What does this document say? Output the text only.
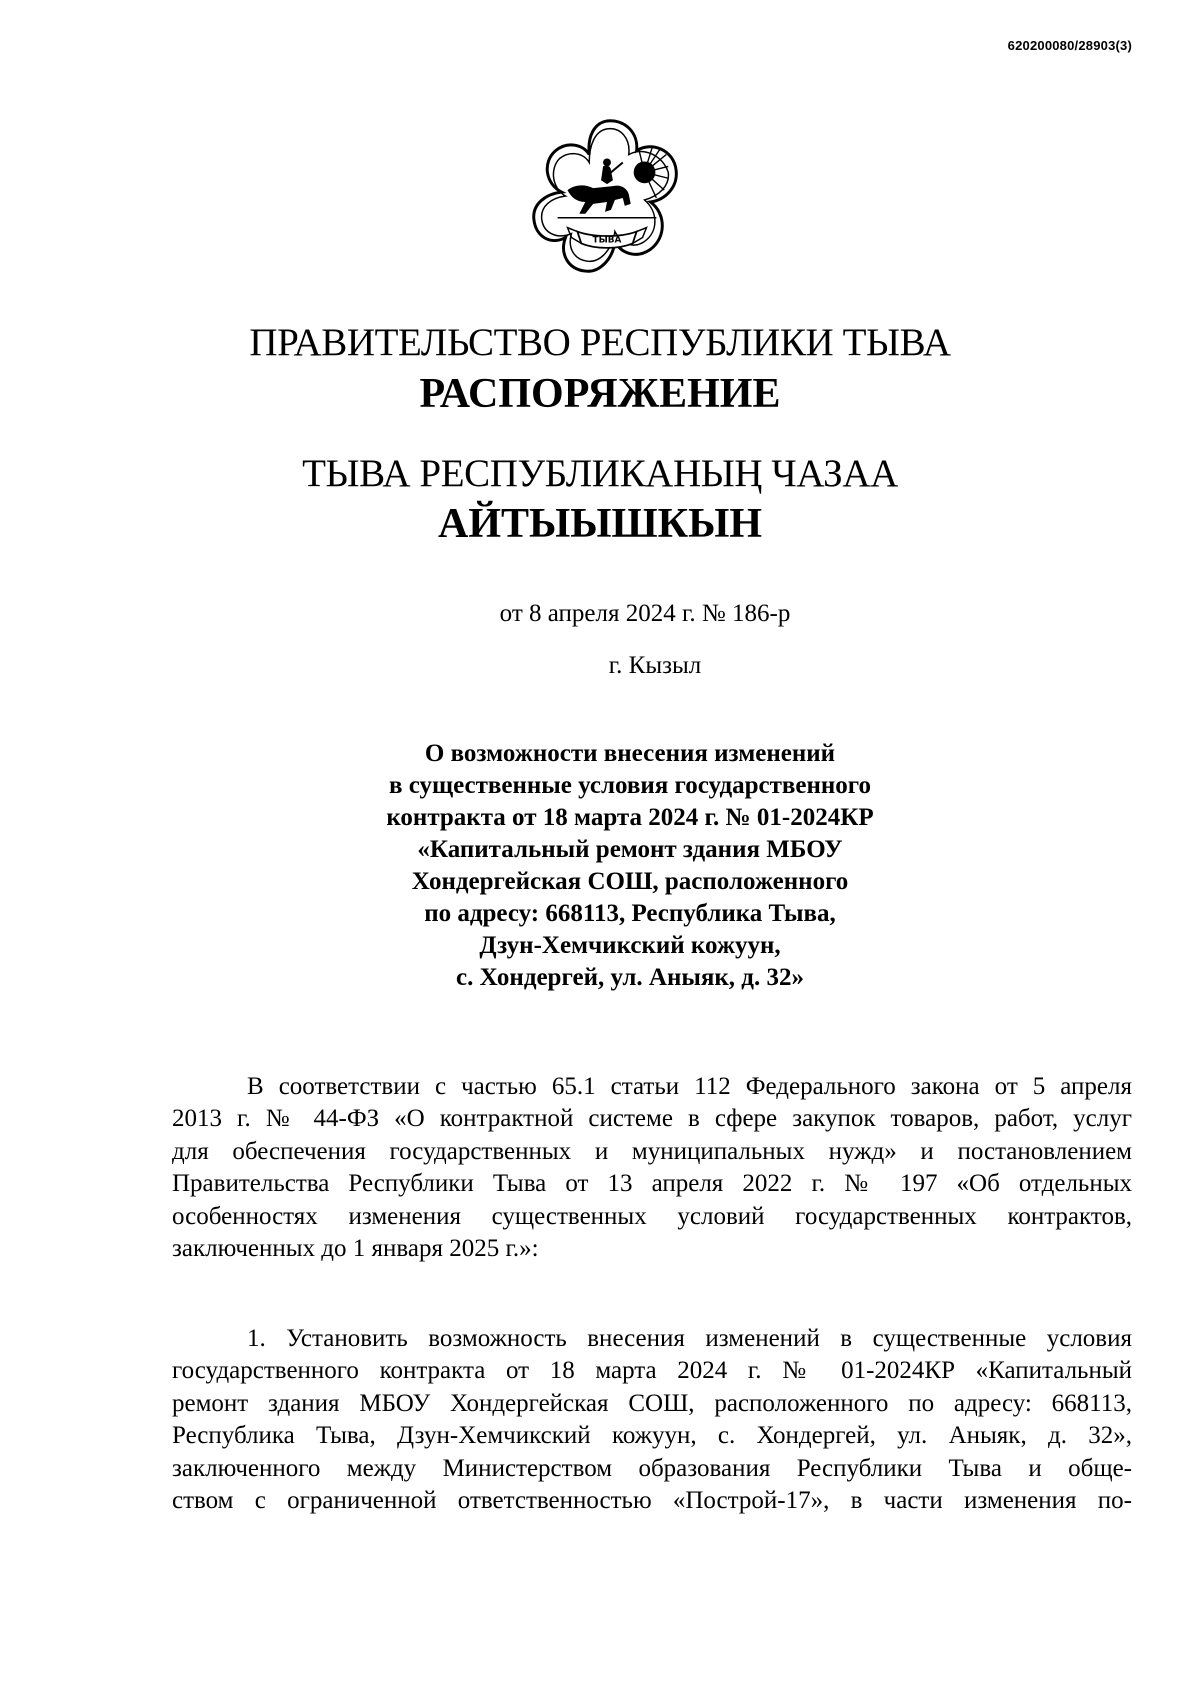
620200080/28903(3)
ТЫВА
ПРАВИТЕЛЬСТВО РЕСПУБЛИКИ ТЫВА
РАСПОРЯЖЕНИЕ
ТЫВА РЕСПУБЛИКАНЫҢ ЧАЗАА
АЙТЫЫШКЫН
от 8 апреля 2024 г. № 186-р
г. Кызыл
О возможности внесения изменений
в существенные условия государственного
контракта от 18 марта 2024 г. № 01-2024КР
«Капитальный ремонт здания МБОУ
Хондергейская СОШ, расположенного
по адресу: 668113, Республика Тыва,
Дзун-Хемчикский кожуун,
с. Хондергей, ул. Аныяк, д. 32»
В соответствии с частью 65.1 статьи 112 Федерального закона от 5 апреля
2013 г. № 44-ФЗ «О контрактной системе в сфере закупок товаров, работ, услуг
для обеспечения государственных и муниципальных нужд» и постановлением
Правительства Республики Тыва от 13 апреля 2022 г. № 197 «Об отдельных
особенностях изменения существенных условий государственных контрактов,
заключенных до 1 января 2025 г.»:
1. Установить возможность внесения изменений в существенные условия
государственного контракта от 18 марта 2024 г. № 01-2024КР «Капитальный
ремонт здания МБОУ Хондергейская СОШ, расположенного по адресу: 668113,
Республика Тыва, Дзун-Хемчикский кожуун, с. Хондергей, ул. Аныяк, д. 32»,
заключенного между Министерством образования Республики Тыва и обще-
ством с ограниченной ответственностью «Построй-17», в части изменения по-
